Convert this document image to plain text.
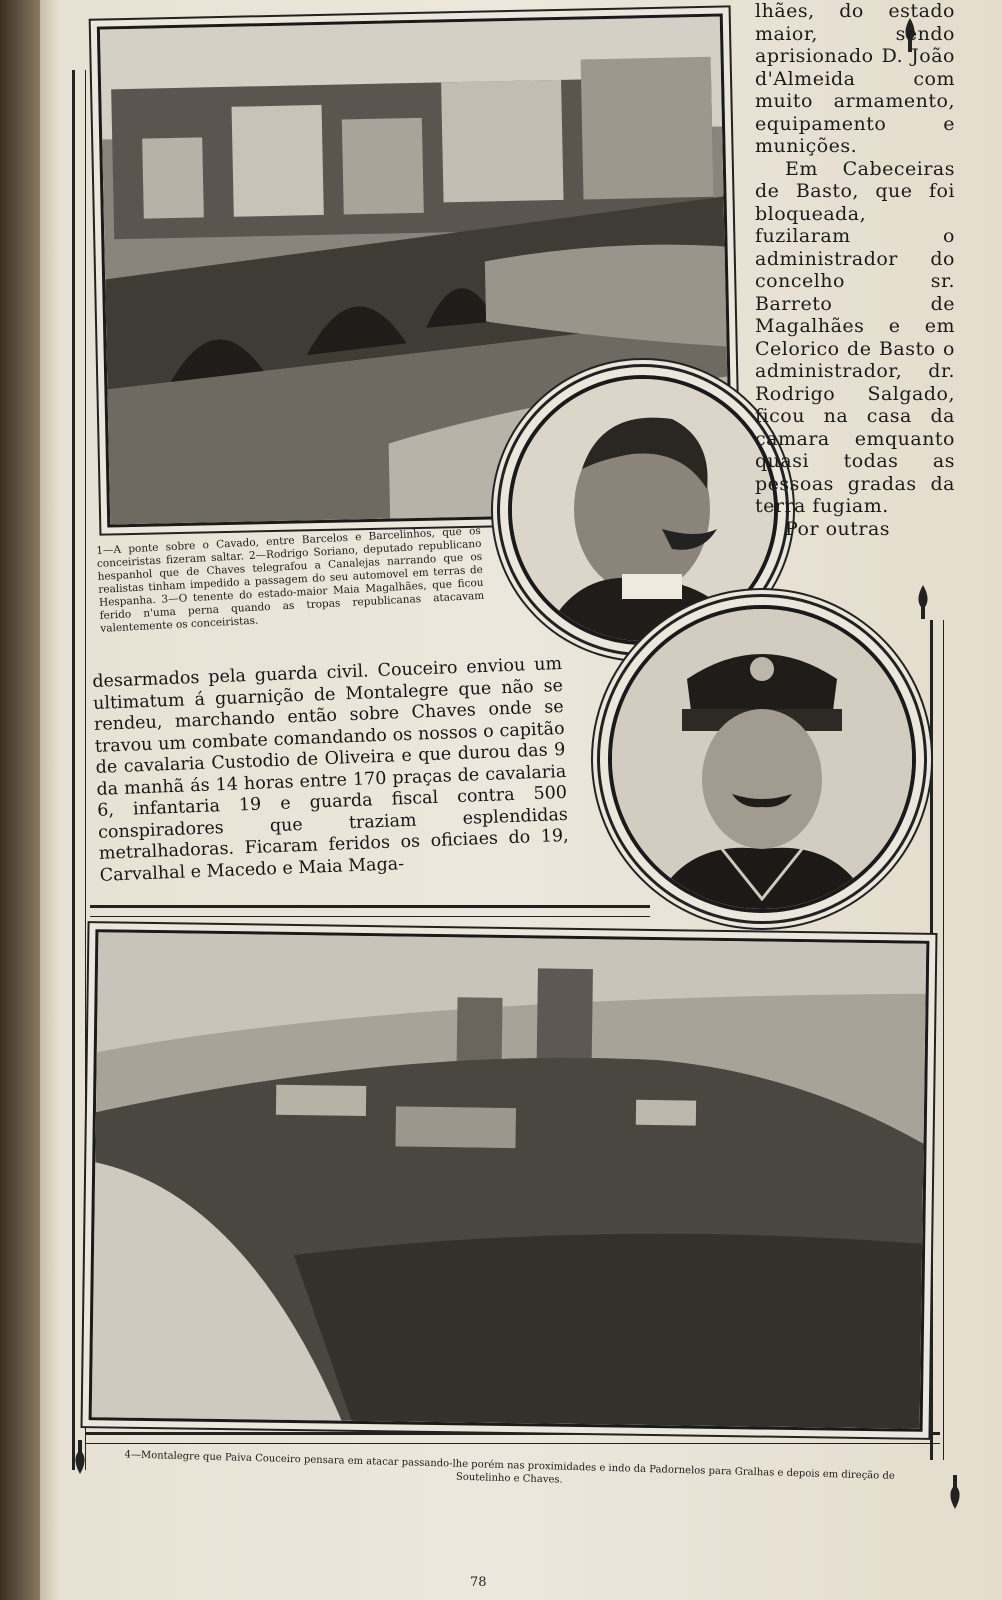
lhães, do estado maior, sendo aprisionado D. João d'Almeida com muito armamento, equipamento e munições.

Em Cabeceiras de Basto, que foi bloqueada, fuzilaram o administrador do concelho sr. Barreto de Magalhães e em Celorico de Basto o administrador, dr. Rodrigo Salgado, ficou na casa da camara emquanto quasi todas as pessoas gradas da terra fugiam.

Por outras

1—A ponte sobre o Cavado, entre Barcelos e Barcelinhos, que os conceiristas fizeram saltar. 2—Rodrigo Soriano, deputado republicano hespanhol que de Chaves telegrafou a Canalejas narrando que os realistas tinham impedido a passagem do seu automovel em terras de Hespanha. 3—O tenente do estado-maior Maia Magalhães, que ficou ferido n'uma perna quando as tropas republicanas atacavam valentemente os conceiristas.
desarmados pela guarda civil. Couceiro enviou um ultimatum á guarnição de Montalegre que não se rendeu, marchando então sobre Chaves onde se travou um combate comandando os nossos o capitão de cavalaria Custodio de Oliveira e que durou das 9 da manhã ás 14 horas entre 170 praças de cavalaria 6, infantaria 19 e guarda fiscal contra 500 conspiradores que traziam esplendidas metralhadoras. Ficaram feridos os oficiaes do 19, Carvalhal e Macedo e Maia Maga-
4—Montalegre que Paiva Couceiro pensara em atacar passando-lhe porém nas proximidades e indo da Padornelos para Gralhas e depois em direção de Soutelinho e Chaves.
78
